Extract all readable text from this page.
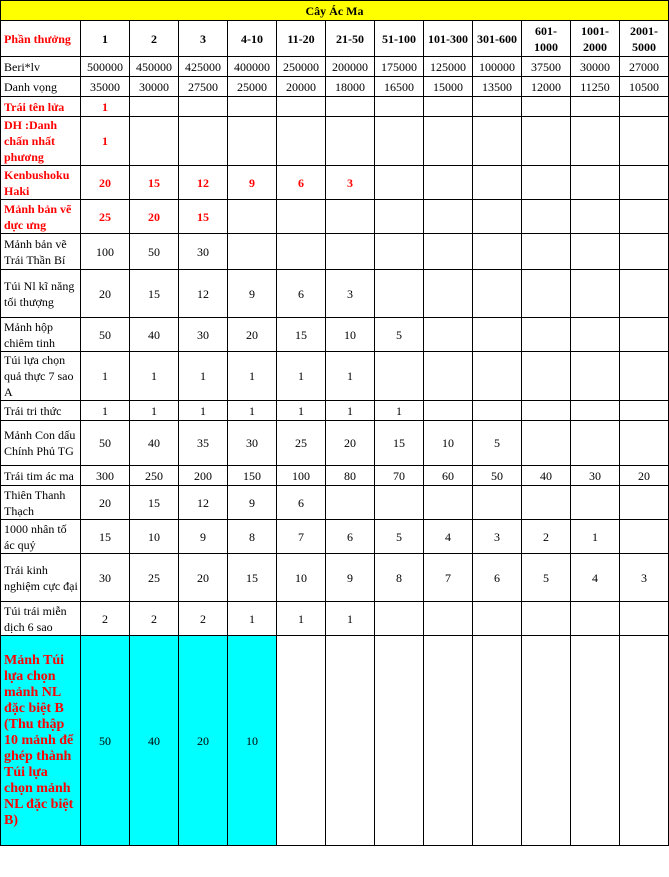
Cây Ác Ma												
Phần thưởng	1	2	3	4-10	11-20	21-50	51-100	101-300	301-600	601-1000	1001-2000	2001-5000
Beri*lv	500000	450000	425000	400000	250000	200000	175000	125000	100000	37500	30000	27000
Danh vọng	35000	30000	27500	25000	20000	18000	16500	15000	13500	12000	11250	10500
Trái tên lửa	1											
DH :Danh chấn nhất phương	1											
Kenbushoku Haki	20	15	12	9	6	3						
Mảnh bản vẽ dực ưng	25	20	15									
Mảnh bản vẽ Trái Thần Bí	100	50	30									
Túi Nl kĩ năng tối thượng	20	15	12	9	6	3						
Mảnh hộp chiêm tinh	50	40	30	20	15	10	5					
Túi lựa chọn quả thực 7 sao A	1	1	1	1	1	1						
Trái tri thức	1	1	1	1	1	1	1					
Mảnh Con dấu Chính Phủ TG	50	40	35	30	25	20	15	10	5			
Trái tim ác ma	300	250	200	150	100	80	70	60	50	40	30	20
Thiên Thanh Thạch	20	15	12	9	6							
1000 nhân tố ác quỷ	15	10	9	8	7	6	5	4	3	2	1	
Trái kinh nghiệm cực đại	30	25	20	15	10	9	8	7	6	5	4	3
Túi trái miễn dịch 6 sao	2	2	2	1	1	1						
Mảnh Túi lựa chọn mảnh NL đặc biệt B (Thu thập 10 mảnh để ghép thành Túi lựa chọn mảnh NL đặc biệt B)	50	40	20	10								
